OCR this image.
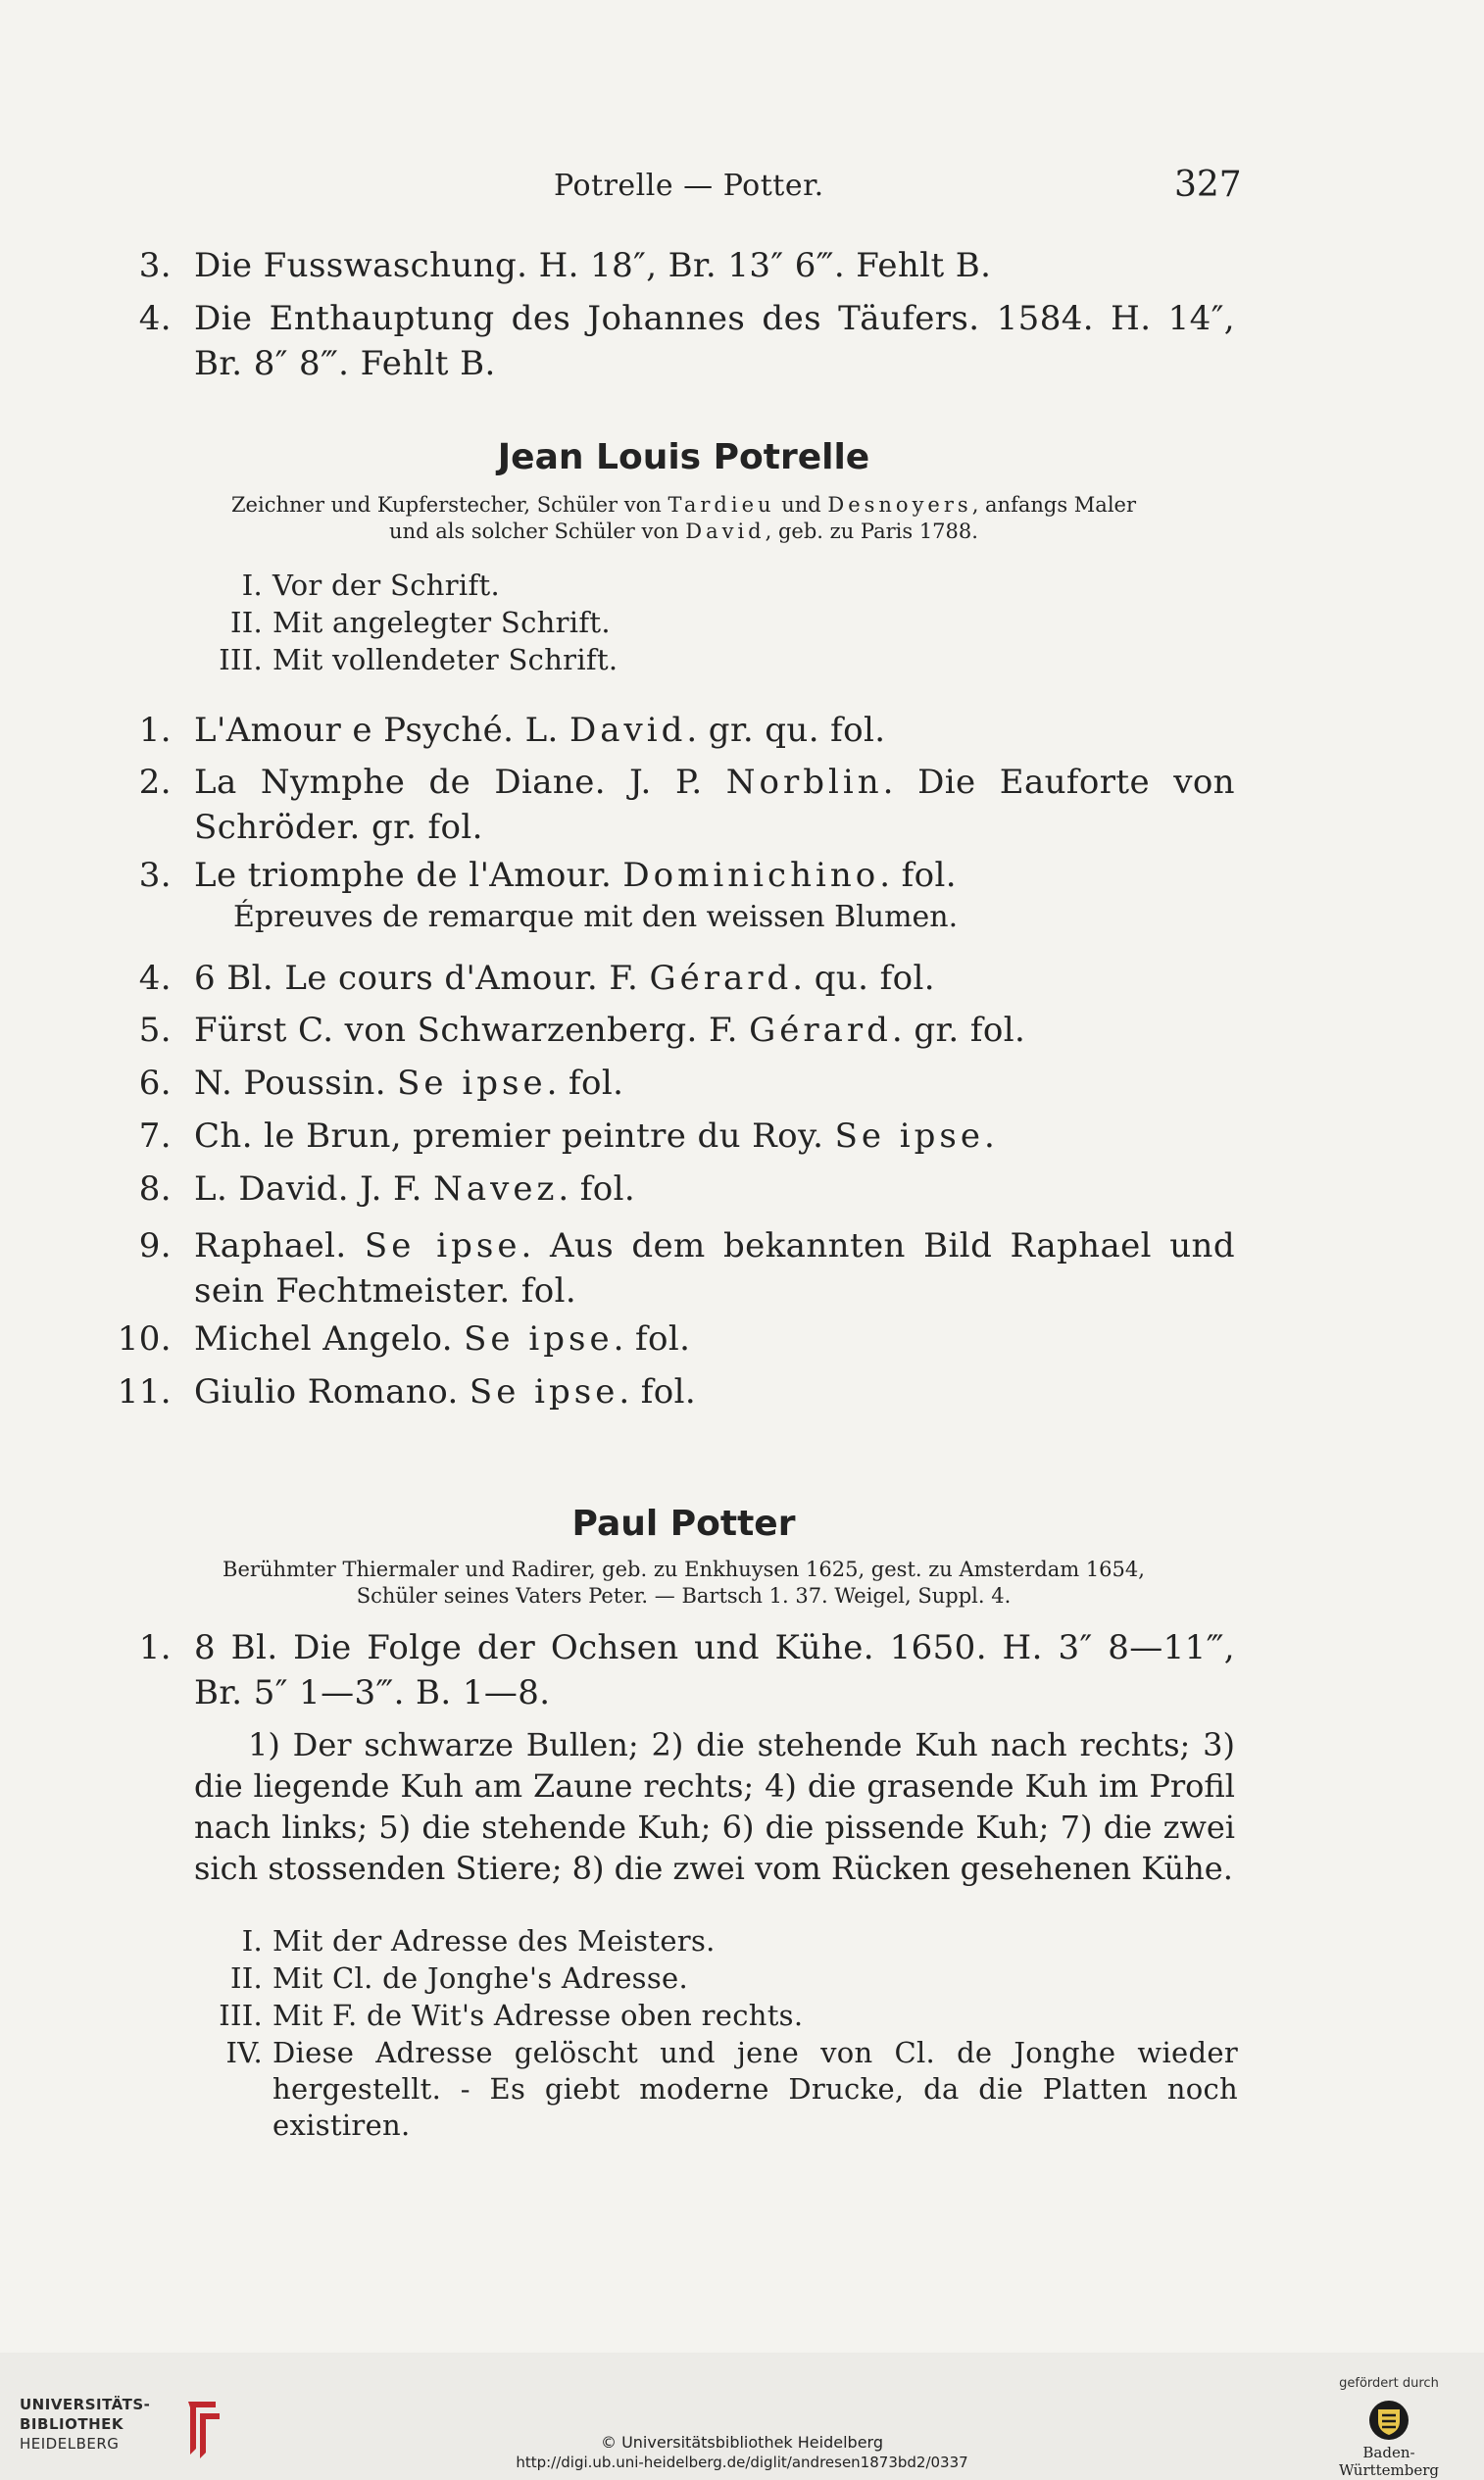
Potrelle — Potter.	327
3. Die Fusswaschung. H. 18″, Br. 13″ 6‴. Fehlt B.
4. Die Enthauptung des Johannes des Täufers. 1584. H. 14″, Br. 8″ 8‴. Fehlt B.
Jean Louis Potrelle
Zeichner und Kupferstecher, Schüler von Tardieu und Desnoyers, anfangs Maler
und als solcher Schüler von David, geb. zu Paris 1788.
I. Vor der Schrift.
II. Mit angelegter Schrift.
III. Mit vollendeter Schrift.
1. L'Amour e Psyché. L. David. gr. qu. fol.
2. La Nymphe de Diane. J. P. Norblin. Die Eauforte von Schröder. gr. fol.
3. Le triomphe de l'Amour. Dominichino. fol.
Épreuves de remarque mit den weissen Blumen.
4. 6 Bl. Le cours d'Amour. F. Gérard. qu. fol.
5. Fürst C. von Schwarzenberg. F. Gérard. gr. fol.
6. N. Poussin. Se ipse. fol.
7. Ch. le Brun, premier peintre du Roy. Se ipse.
8. L. David. J. F. Navez. fol.
9. Raphael. Se ipse. Aus dem bekannten Bild Raphael und sein Fechtmeister. fol.
10. Michel Angelo. Se ipse. fol.
11. Giulio Romano. Se ipse. fol.
Paul Potter
Berühmter Thiermaler und Radirer, geb. zu Enkhuysen 1625, gest. zu Amsterdam 1654,
Schüler seines Vaters Peter. — Bartsch 1. 37. Weigel, Suppl. 4.
1. 8 Bl. Die Folge der Ochsen und Kühe. 1650. H. 3″ 8—11‴, Br. 5″ 1—3‴. B. 1—8.
1) Der schwarze Bullen; 2) die stehende Kuh nach rechts; 3) die liegende Kuh am Zaune rechts; 4) die grasende Kuh im Profil nach links; 5) die stehende Kuh; 6) die pissende Kuh; 7) die zwei sich stossenden Stiere; 8) die zwei vom Rücken gesehenen Kühe.
I. Mit der Adresse des Meisters.
II. Mit Cl. de Jonghe's Adresse.
III. Mit F. de Wit's Adresse oben rechts.
IV. Diese Adresse gelöscht und jene von Cl. de Jonghe wieder hergestellt. - Es giebt moderne Drucke, da die Platten noch existiren.
UNIVERSITÄTS-
BIBLIOTHEK
HEIDELBERG	© Universitätsbibliothek Heidelberg
http://digi.ub.uni-heidelberg.de/diglit/andresen1873bd2/0337
gefördert durch
Baden-Württemberg
